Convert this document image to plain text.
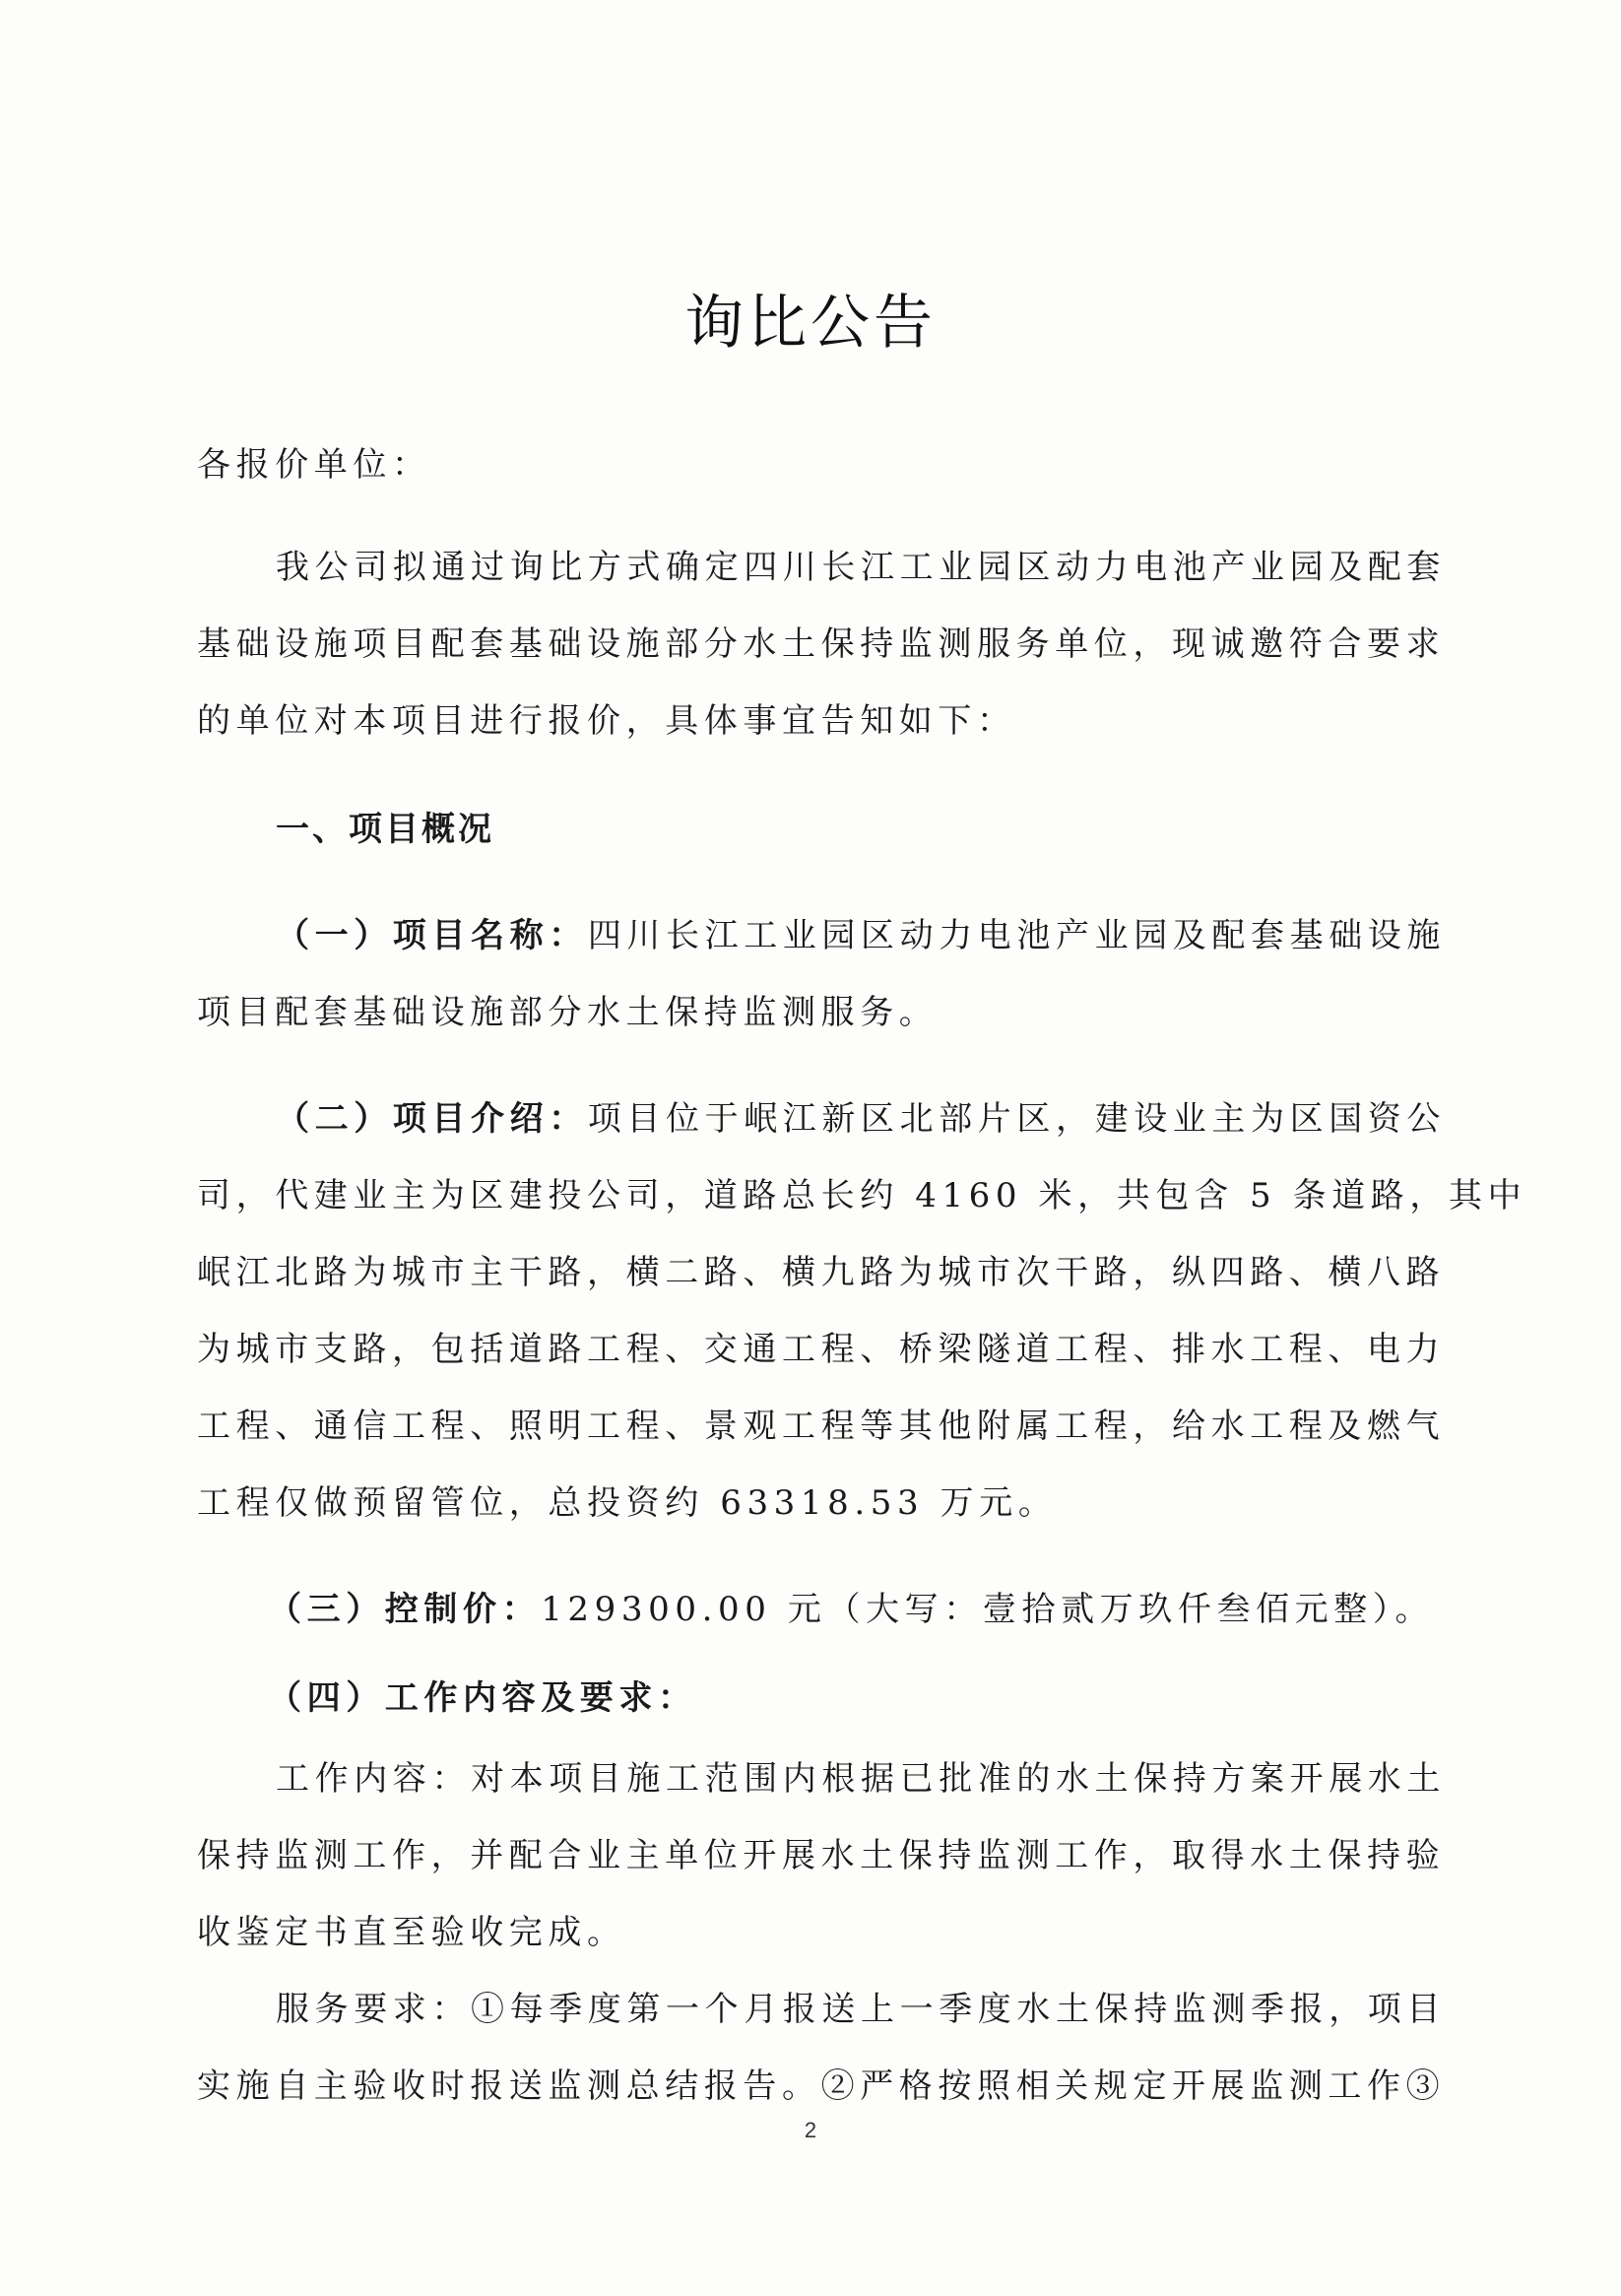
询比公告
各报价单位：
我公司拟通过询比方式确定四川长江工业园区动力电池产业园及配套
基础设施项目配套基础设施部分水土保持监测服务单位，现诚邀符合要求
的单位对本项目进行报价，具体事宜告知如下：
一、项目概况
（一）项目名称：四川长江工业园区动力电池产业园及配套基础设施
项目配套基础设施部分水土保持监测服务。
（二）项目介绍：项目位于岷江新区北部片区，建设业主为区国资公
司，代建业主为区建投公司，道路总长约 4160 米，共包含 5 条道路，其中
岷江北路为城市主干路，横二路、横九路为城市次干路，纵四路、横八路
为城市支路，包括道路工程、交通工程、桥梁隧道工程、排水工程、电力
工程、通信工程、照明工程、景观工程等其他附属工程，给水工程及燃气
工程仅做预留管位，总投资约 63318.53 万元。
（三）控制价：129300.00 元（大写：壹拾贰万玖仟叁佰元整）。
（四）工作内容及要求：
工作内容：对本项目施工范围内根据已批准的水土保持方案开展水土
保持监测工作，并配合业主单位开展水土保持监测工作，取得水土保持验
收鉴定书直至验收完成。
服务要求：①每季度第一个月报送上一季度水土保持监测季报，项目
实施自主验收时报送监测总结报告。②严格按照相关规定开展监测工作③
2
